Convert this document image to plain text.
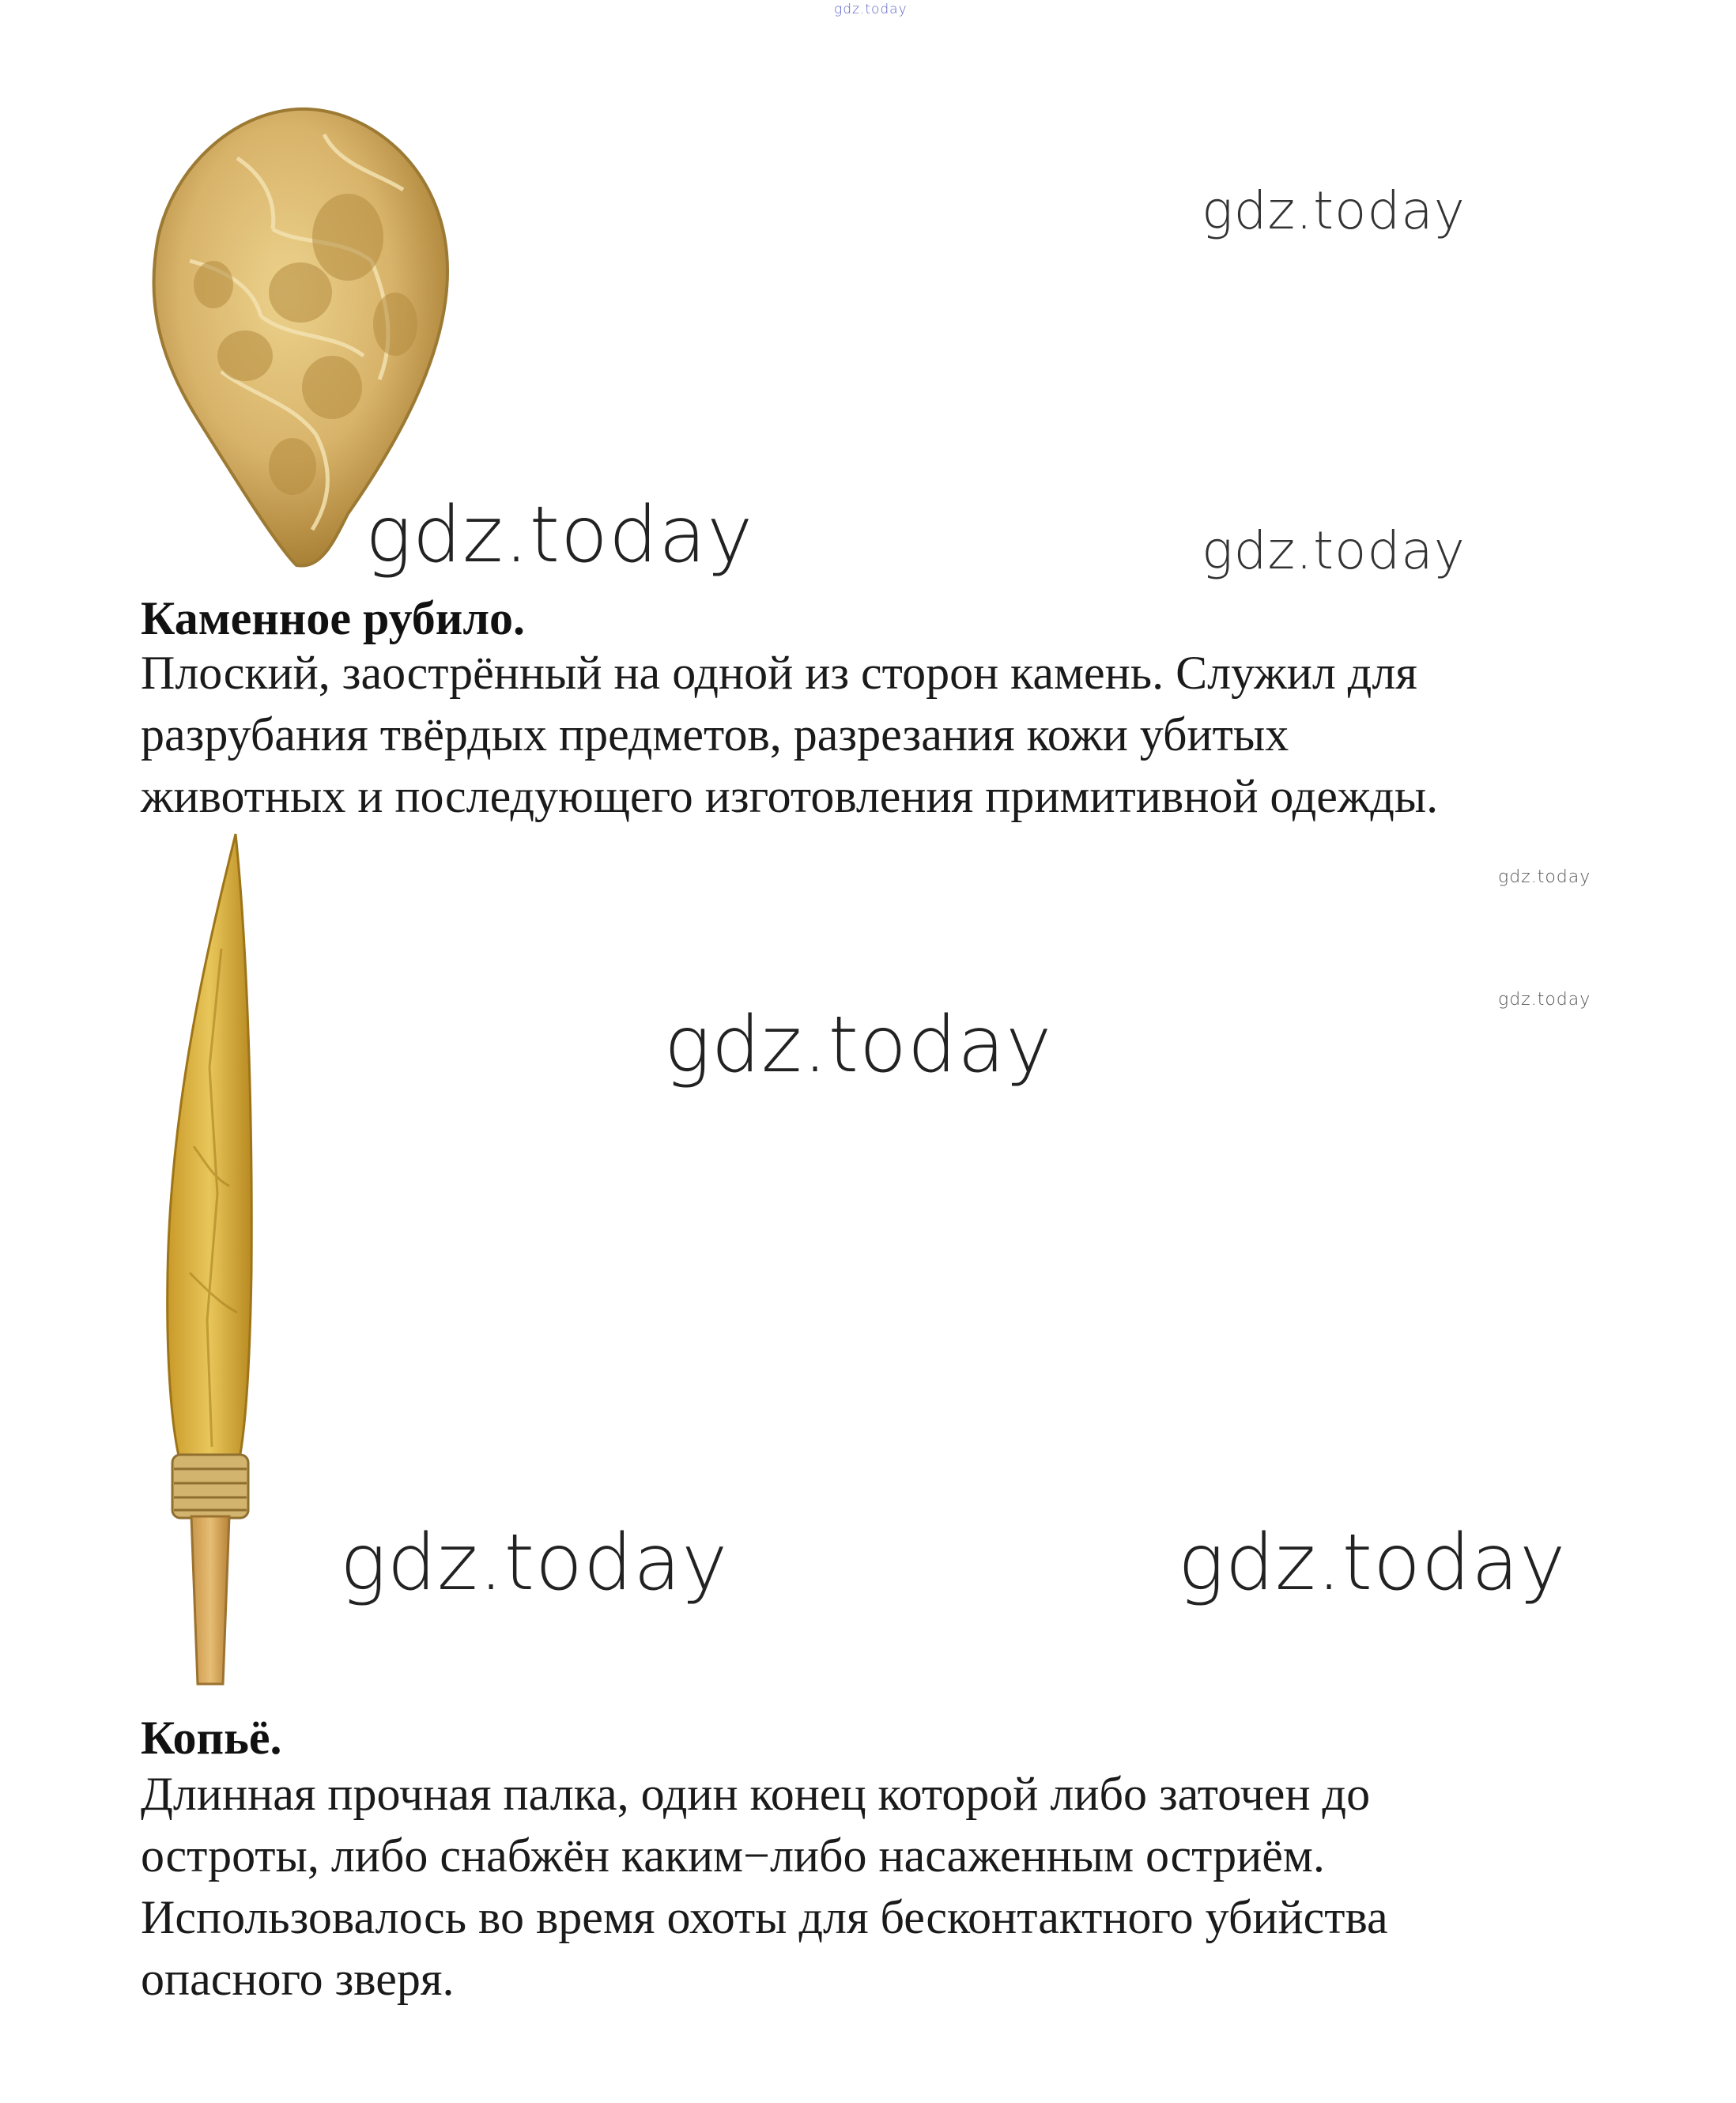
gdz.today
gdz.today
gdz.today	gdz.today
gdz.today
gdz.today
gdz.today
gdz.today	gdz.today
Каменное рубило.

Плоский, заострённый на одной из сторон камень. Служил для
разрубания твёрдых предметов, разрезания кожи убитых
животных и последующего изготовления примитивной одежды.

Копьё.

Длинная прочная палка, один конец которой либо заточен до
остроты, либо снабжён каким−либо насаженным остриём.
Использовалось во время охоты для бесконтактного убийства
опасного зверя.
